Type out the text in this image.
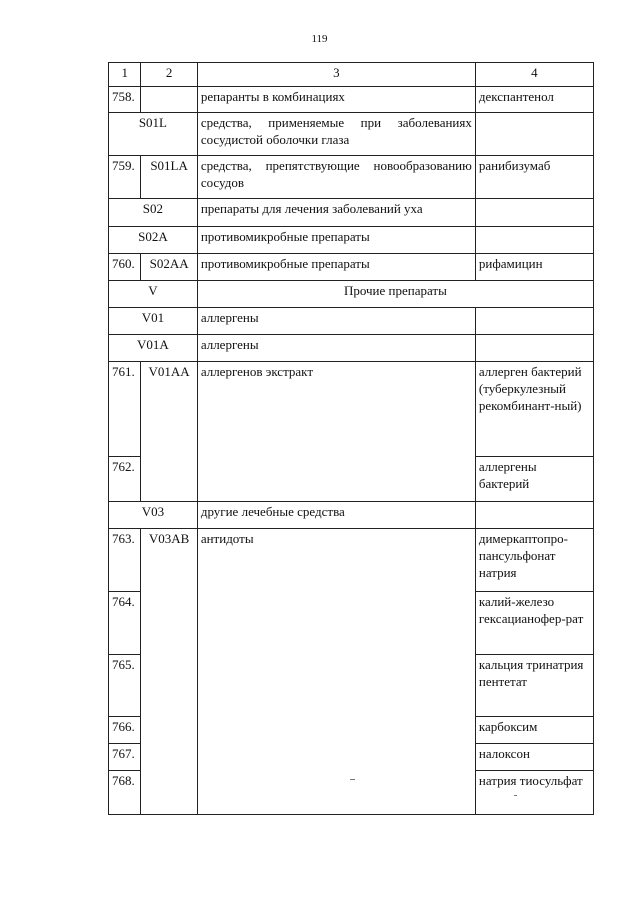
119
1	2	3	4
758.		репаранты в комбинациях	декспантенол
S01L		средства, применяемые при заболеваниях сосудистой оболочки глаза	
759.	S01LA	средства, препятствующие новообразованию сосудов	ранибизумаб
S02		препараты для лечения заболеваний уха	
S02A		противомикробные препараты	
760.	S02AA	противомикробные препараты	рифамицин
V		Прочие препараты	
V01		аллергены	
V01A		аллергены	
761.	V01AA	аллергенов экстракт	аллерген бактерий (туберкулезный рекомбинант-ный)
762.			аллергены бактерий
V03		другие лечебные средства	
763.	V03AB	антидоты	димеркаптопро-пансульфонат натрия
764.			калий-железо гексацианофер-рат
765.			кальция тринатрия пентетат
766.			карбоксим
767.			налоксон
768.			натрия тиосульфат
